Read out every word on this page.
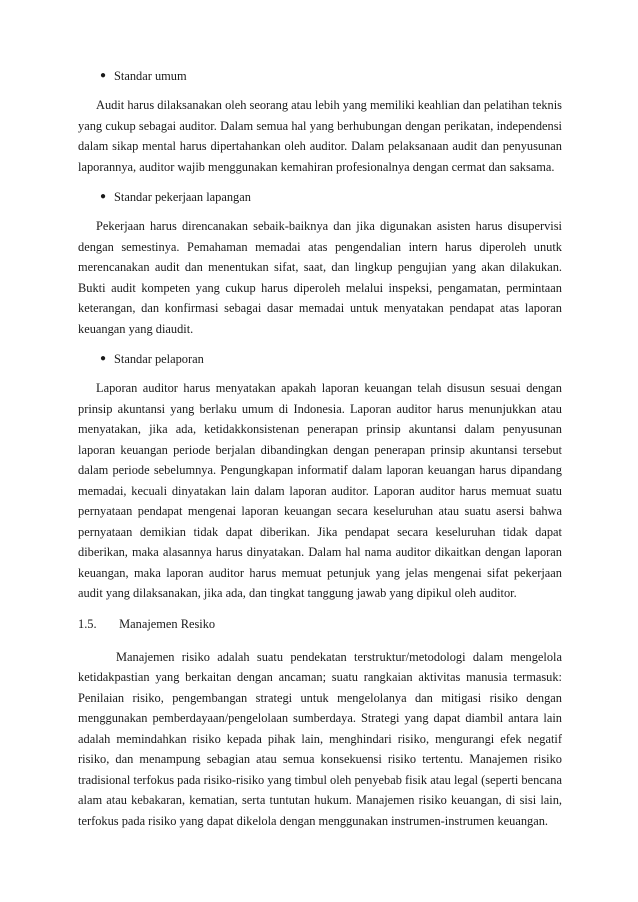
● Standar umum

Audit harus dilaksanakan oleh seorang atau lebih yang memiliki keahlian dan pelatihan teknis yang cukup sebagai auditor. Dalam semua hal yang berhubungan dengan perikatan, independensi dalam sikap mental harus dipertahankan oleh auditor. Dalam pelaksanaan audit dan penyusunan laporannya, auditor wajib menggunakan kemahiran profesionalnya dengan cermat dan saksama.

● Standar pekerjaan lapangan

Pekerjaan harus direncanakan sebaik-baiknya dan jika digunakan asisten harus disupervisi dengan semestinya. Pemahaman memadai atas pengendalian intern harus diperoleh unutk merencanakan audit dan menentukan sifat, saat, dan lingkup pengujian yang akan dilakukan. Bukti audit kompeten yang cukup harus diperoleh melalui inspeksi, pengamatan, permintaan keterangan, dan konfirmasi sebagai dasar memadai untuk menyatakan pendapat atas laporan keuangan yang diaudit.

● Standar pelaporan

Laporan auditor harus menyatakan apakah laporan keuangan telah disusun sesuai dengan prinsip akuntansi yang berlaku umum di Indonesia. Laporan auditor harus menunjukkan atau menyatakan, jika ada, ketidakkonsistenan penerapan prinsip akuntansi dalam penyusunan laporan keuangan periode berjalan dibandingkan dengan penerapan prinsip akuntansi tersebut dalam periode sebelumnya. Pengungkapan informatif dalam laporan keuangan harus dipandang memadai, kecuali dinyatakan lain dalam laporan auditor. Laporan auditor harus memuat suatu pernyataan pendapat mengenai laporan keuangan secara keseluruhan atau suatu asersi bahwa pernyataan demikian tidak dapat diberikan. Jika pendapat secara keseluruhan tidak dapat diberikan, maka alasannya harus dinyatakan. Dalam hal nama auditor dikaitkan dengan laporan keuangan, maka laporan auditor harus memuat petunjuk yang jelas mengenai sifat pekerjaan audit yang dilaksanakan, jika ada, dan tingkat tanggung jawab yang dipikul oleh auditor.

1.5. Manajemen Resiko

Manajemen risiko adalah suatu pendekatan terstruktur/metodologi dalam mengelola ketidakpastian yang berkaitan dengan ancaman; suatu rangkaian aktivitas manusia termasuk: Penilaian risiko, pengembangan strategi untuk mengelolanya dan mitigasi risiko dengan menggunakan pemberdayaan/pengelolaan sumberdaya. Strategi yang dapat diambil antara lain adalah memindahkan risiko kepada pihak lain, menghindari risiko, mengurangi efek negatif risiko, dan menampung sebagian atau semua konsekuensi risiko tertentu. Manajemen risiko tradisional terfokus pada risiko-risiko yang timbul oleh penyebab fisik atau legal (seperti bencana alam atau kebakaran, kematian, serta tuntutan hukum. Manajemen risiko keuangan, di sisi lain, terfokus pada risiko yang dapat dikelola dengan menggunakan instrumen-instrumen keuangan.
